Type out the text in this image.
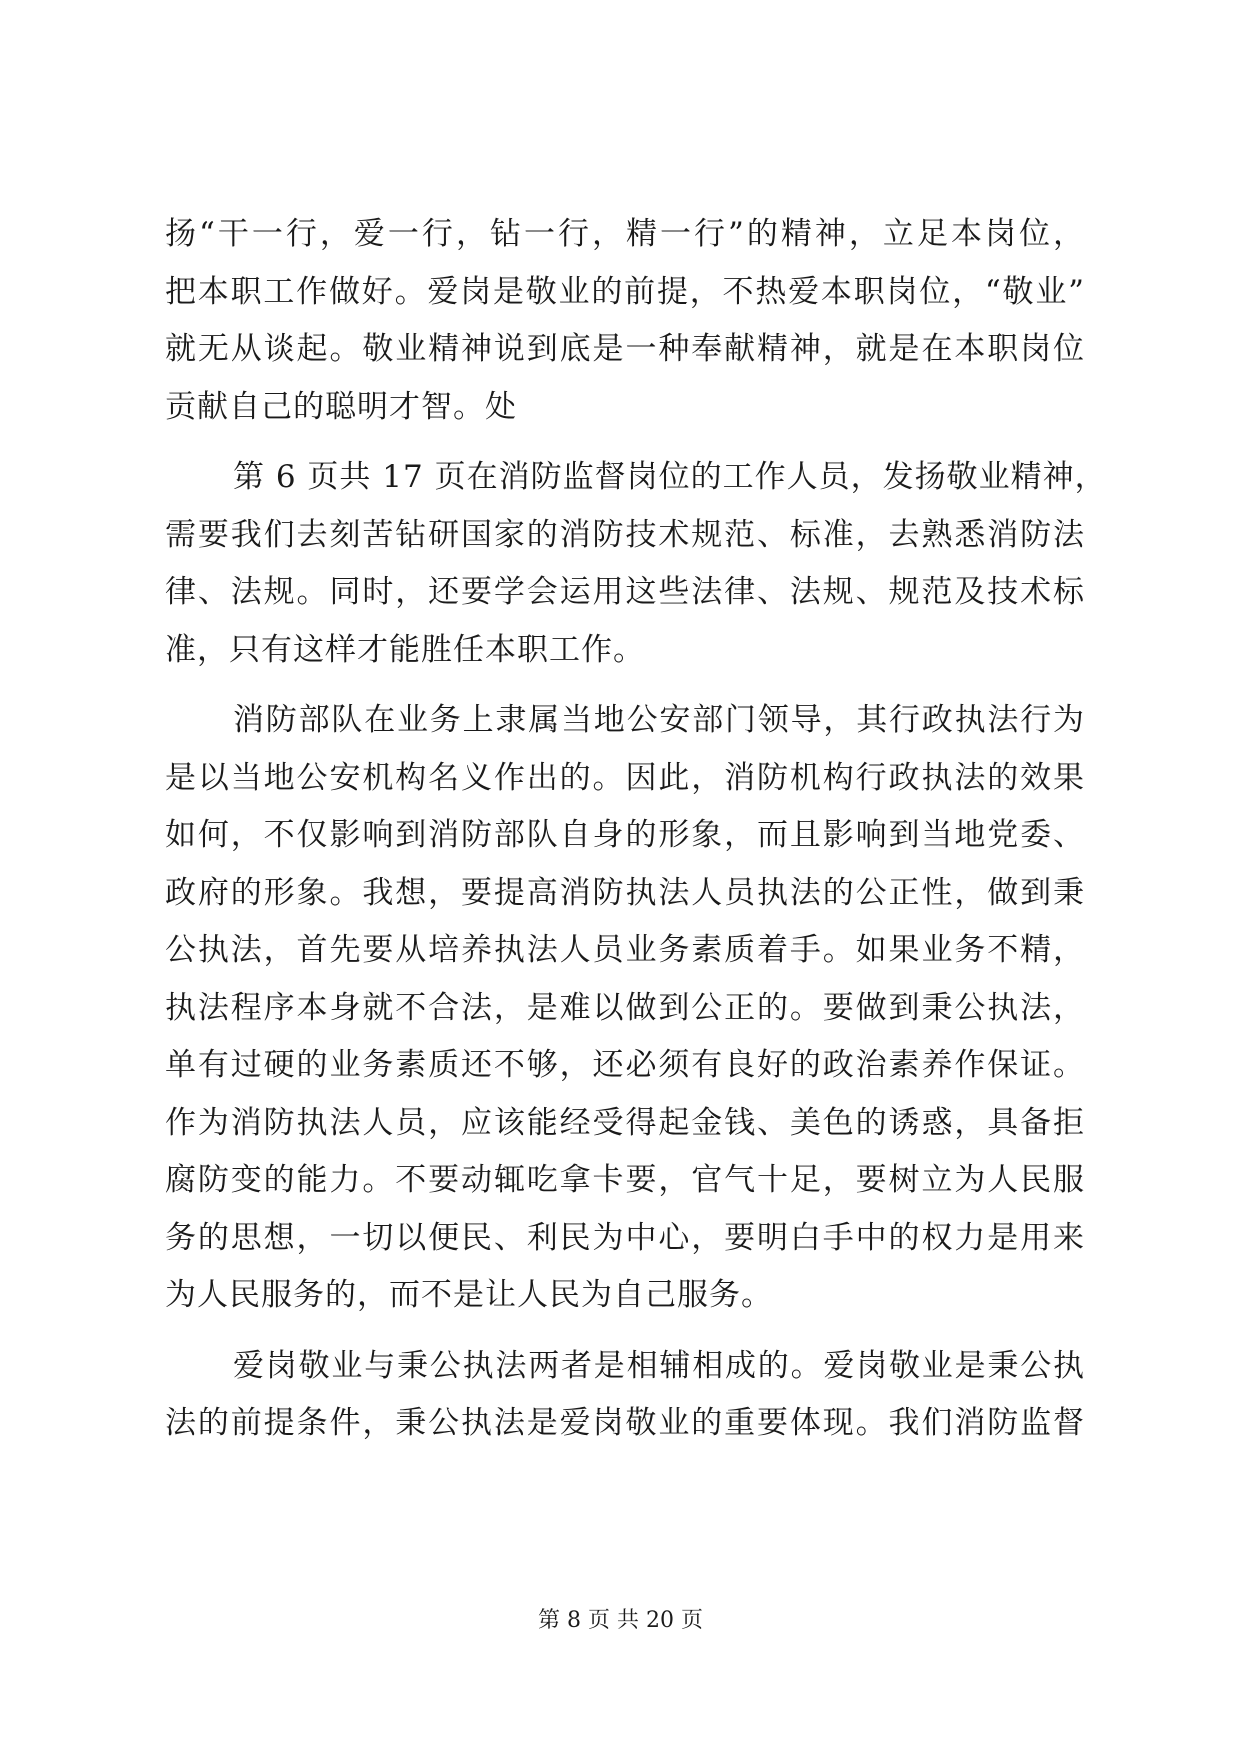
扬“干一行，爱一行，钻一行，精一行”的精神，立足本岗位，
把本职工作做好。爱岗是敬业的前提，不热爱本职岗位，“敬业”
就无从谈起。敬业精神说到底是一种奉献精神，就是在本职岗位
贡献自己的聪明才智。处
第 6 页共 17 页在消防监督岗位的工作人员，发扬敬业精神，
需要我们去刻苦钻研国家的消防技术规范、标准，去熟悉消防法
律、法规。同时，还要学会运用这些法律、法规、规范及技术标
准，只有这样才能胜任本职工作。
消防部队在业务上隶属当地公安部门领导，其行政执法行为
是以当地公安机构名义作出的。因此，消防机构行政执法的效果
如何，不仅影响到消防部队自身的形象，而且影响到当地党委、
政府的形象。我想，要提高消防执法人员执法的公正性，做到秉
公执法，首先要从培养执法人员业务素质着手。如果业务不精，
执法程序本身就不合法，是难以做到公正的。要做到秉公执法，
单有过硬的业务素质还不够，还必须有良好的政治素养作保证。
作为消防执法人员，应该能经受得起金钱、美色的诱惑，具备拒
腐防变的能力。不要动辄吃拿卡要，官气十足，要树立为人民服
务的思想，一切以便民、利民为中心，要明白手中的权力是用来
为人民服务的，而不是让人民为自己服务。
爱岗敬业与秉公执法两者是相辅相成的。爱岗敬业是秉公执
法的前提条件，秉公执法是爱岗敬业的重要体现。我们消防监督
第 8 页 共 20 页
